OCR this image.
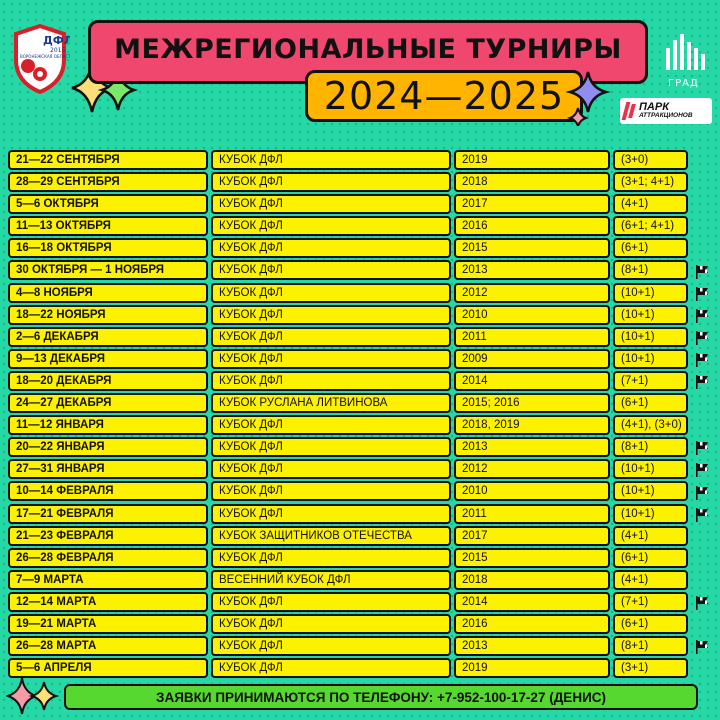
ДФЛ
2015
ВОРОНЕЖСКАЯ ОБЛАСТЬ МЕЖРЕГИОНАЛЬНЫЕ ТУРНИРЫ
2024—2025	ГРАД
ПАРК
АТТРАКЦИОНОВ
21—22 СЕНТЯБРЯ	КУБОК ДФЛ	2019	(3+0)
28—29 СЕНТЯБРЯ	КУБОК ДФЛ	2018	(3+1; 4+1)
5—6 ОКТЯБРЯ	КУБОК ДФЛ	2017	(4+1)
11—13 ОКТЯБРЯ	КУБОК ДФЛ	2016	(6+1; 4+1)
16—18 ОКТЯБРЯ	КУБОК ДФЛ	2015	(6+1)
30 ОКТЯБРЯ — 1 НОЯБРЯ	КУБОК ДФЛ	2013	(8+1)
4—8 НОЯБРЯ	КУБОК ДФЛ	2012	(10+1)
18—22 НОЯБРЯ	КУБОК ДФЛ	2010	(10+1)
2—6 ДЕКАБРЯ	КУБОК ДФЛ	2011	(10+1)
9—13 ДЕКАБРЯ	КУБОК ДФЛ	2009	(10+1)
18—20 ДЕКАБРЯ	КУБОК ДФЛ	2014	(7+1)
24—27 ДЕКАБРЯ	КУБОК РУСЛАНА ЛИТВИНОВА	2015; 2016	(6+1)
11—12 ЯНВАРЯ	КУБОК ДФЛ	2018, 2019	(4+1), (3+0)
20—22 ЯНВАРЯ	КУБОК ДФЛ	2013	(8+1)
27—31 ЯНВАРЯ	КУБОК ДФЛ	2012	(10+1)
10—14 ФЕВРАЛЯ	КУБОК ДФЛ	2010	(10+1)
17—21 ФЕВРАЛЯ	КУБОК ДФЛ	2011	(10+1)
21—23 ФЕВРАЛЯ	КУБОК ЗАЩИТНИКОВ ОТЕЧЕСТВА	2017	(4+1)
26—28 ФЕВРАЛЯ	КУБОК ДФЛ	2015	(6+1)
7—9 МАРТА	ВЕСЕННИЙ КУБОК ДФЛ	2018	(4+1)
12—14 МАРТА	КУБОК ДФЛ	2014	(7+1)
19—21 МАРТА	КУБОК ДФЛ	2016	(6+1)
26—28 МАРТА	КУБОК ДФЛ	2013	(8+1)
5—6 АПРЕЛЯ	КУБОК ДФЛ	2019	(3+1)
ЗАЯВКИ ПРИНИМАЮТСЯ ПО ТЕЛЕФОНУ: +7-952-100-17-27 (ДЕНИС)
